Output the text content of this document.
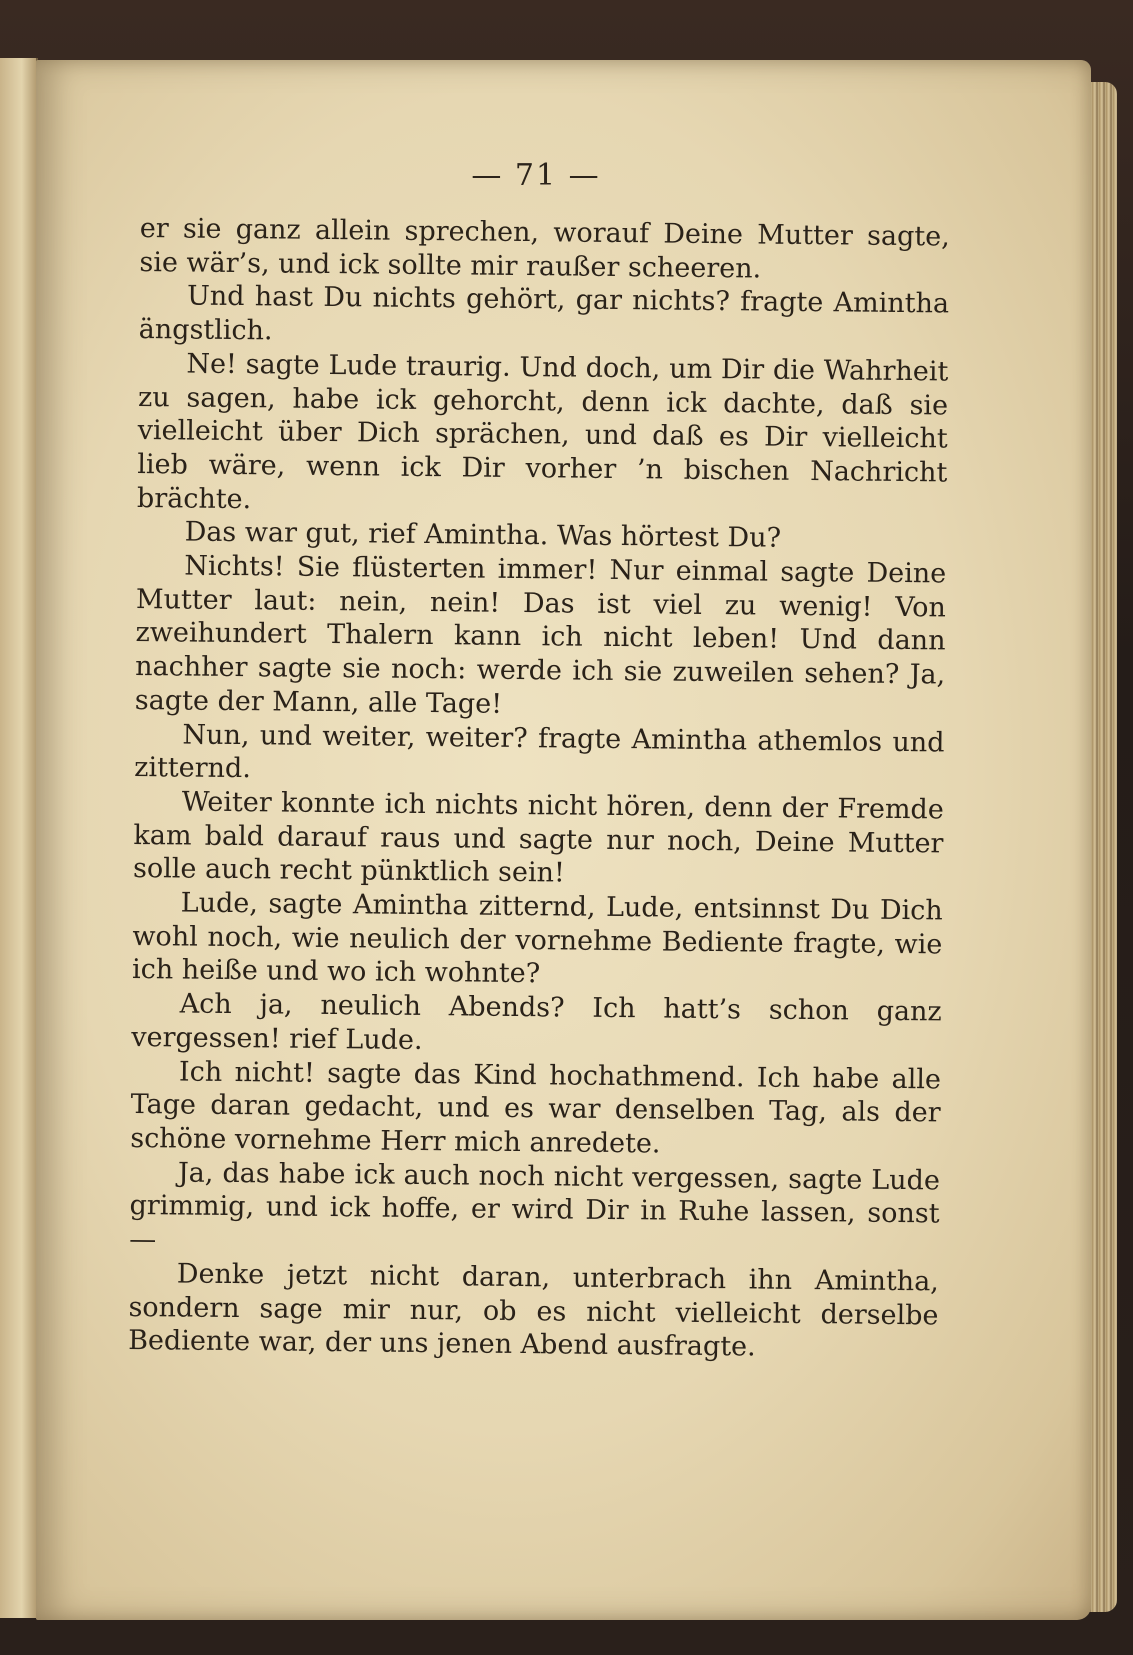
— 71 —

er sie ganz allein sprechen, worauf Deine Mutter sagte, sie wär’s, und ick sollte mir raußer scheeren.

Und hast Du nichts gehört, gar nichts? fragte Amintha ängstlich.

Ne! sagte Lude traurig. Und doch, um Dir die Wahrheit zu sagen, habe ick gehorcht, denn ick dachte, daß sie vielleicht über Dich sprächen, und daß es Dir vielleicht lieb wäre, wenn ick Dir vorher ’n bischen Nachricht brächte.

Das war gut, rief Amintha. Was hörtest Du?

Nichts! Sie flüsterten immer! Nur einmal sagte Deine Mutter laut: nein, nein! Das ist viel zu wenig! Von zweihundert Thalern kann ich nicht leben! Und dann nachher sagte sie noch: werde ich sie zuweilen sehen? Ja, sagte der Mann, alle Tage!

Nun, und weiter, weiter? fragte Amintha athemlos und zitternd.

Weiter konnte ich nichts nicht hören, denn der Fremde kam bald darauf raus und sagte nur noch, Deine Mutter solle auch recht pünktlich sein!

Lude, sagte Amintha zitternd, Lude, entsinnst Du Dich wohl noch, wie neulich der vornehme Bediente fragte, wie ich heiße und wo ich wohnte?

Ach ja, neulich Abends? Ich hatt’s schon ganz vergessen! rief Lude.

Ich nicht! sagte das Kind hochathmend. Ich habe alle Tage daran gedacht, und es war denselben Tag, als der schöne vornehme Herr mich anredete.

Ja, das habe ick auch noch nicht vergessen, sagte Lude grimmig, und ick hoffe, er wird Dir in Ruhe lassen, sonst —

Denke jetzt nicht daran, unterbrach ihn Amintha, sondern sage mir nur, ob es nicht vielleicht derselbe Bediente war, der uns jenen Abend ausfragte.
